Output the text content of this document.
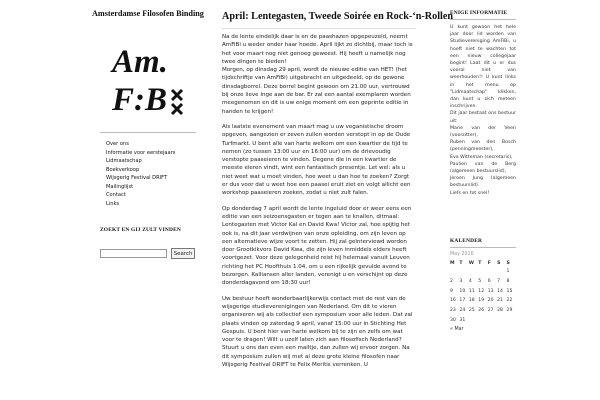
Amsterdamse Filosofen Binding
Am.
F:B
Over ons
Informatie voor eerstejaars
Lidmaatschap
Boekverkoop
Wijsgerig Festival DRIFT
Mailinglijst
Contact
Links
ZOEKT EN GIJ ZULT VINDEN
Search
April: Lentegasten, Tweede Soirée en Rock-‘n-Rollen

Na de lente eindelijk daar is en de paashazen opgepeuzeld, neemt AmFiBi u weder onder haar hoede. April lijkt zo dichtbij, maar toch is het voor maart nog niet genoeg geweest. Hij heeft u namelijk nog twee dingen te bieden!
Morgen, op dinsdag 29 april, wordt de nieuwe editie van HET! (het tijdschriftje van AmFiBi) uitgebracht en uitgedeeld, op de gewone dinsdagborrel. Deze borrel begint gewoon om 21.00 uur, vertrouwd bij onze lieve Inge aan de bar. Er zal een aantal exemplaren worden meegenomen en dit is uw enige moment om een geprinte editie in handen te krijgen!

Als laatste evenement van maart mag u uw veganistische droom opgeven, aangezien er zeven zullen worden verstopt in op de Oude Turfmarkt. U bent alle van harte welkom om een kwartier de tijd te nemen (zo tussen 13:00 uur en 16:00 uur) om de drievoudig verstopte paaseieren te vinden. Degene die in een kwartier de meeste eieren vindt, wint een fantastisch presentje. Let wel: als u niet weet wat u moet vinden, hoe weet u dan hoe te zoeken? Zorgt er dus voor dat u weet hoe een paasei eruit ziet en volgt allicht een workshop paaseieren zoeken, zodat u niet zult falen.

Op donderdag 7 april wordt de lente ingeluid door er weer eens een editie van een seizoensgasten er tegen aan te knallen, ditmaal: Lentegasten met Victor Kal en David Kwa! Victor zal, hoe spijtig het ook is, na dit jaar verdwijnen van onze opleiding, om zijn leven op een alternatieve wijze voort te zetten. Hij zal geïnterviewd worden door Grootkikvors David Kwa, die zijn leven inmiddels elders heeft voortgezet. Voor deze gelegenheid reist hij helemaal vanuit Leuven richting het PC Hoofthuis 1.04, om u een rijkelijk gevulde avond te bezorgen. Kalliansen aller landen, verenigt u en verschijnt op deze donderdagavond om 18:30 uur!

Uw bestuur heeft wonderbaarlijkerwijs contact met de rest van de wijsgerige studieverenigingen van Nederland. Om dit te vieren organiseren wij als collectief een symposium voor alle leden. Dat zal plaats vinden op zaterdag 9 april, vanaf 15:00 uur in Stichting Het Gespuis. U bent hier van harte welkom bij te zijn en zelfs om wat voor te dragen! Wilt u uzelf laten zich aan filosofisch Nederland? Stuurt u ons dan even een mailtje, dan zullen wij ervoor zorgen. Na dit symposium zullen wij met al deze grote kleine filosofen naar Wijsgerig Festival DRIFT te Felix Meritis verrenken. U

ENIGE INFORMATIE

U kunt gewoon het hele jaar door lid worden van Studievereniging AmFiBi, u hoeft niet te wachten tot een nieuw collegejaar begint! Laat dit u er dus vooral niet van weerhouden!! U kunt links in het menu op "Lidmaatschap" klikken, dan kunt u zich meteen inschrijven.

Dit jaar bestaat ons bestuur uit:

Marie van der Veen (voorzitter),

Ruben van den Bosch (penningmeester),

Eva Witteman (secretaris),

Paulien van de Berg (algemeen bestuurslid),

Jeroen Jung (algemeen bestuurslid).

Liefs en tot snel!

KALENDER
May 2016
M	T	W	T	F	S	S
						1
2	3	4	5	6	7	8
9	10	11	12	13	14	15
16	17	18	19	20	21	22
23	24	25	26	27	28	29
30	31					
« Mar
